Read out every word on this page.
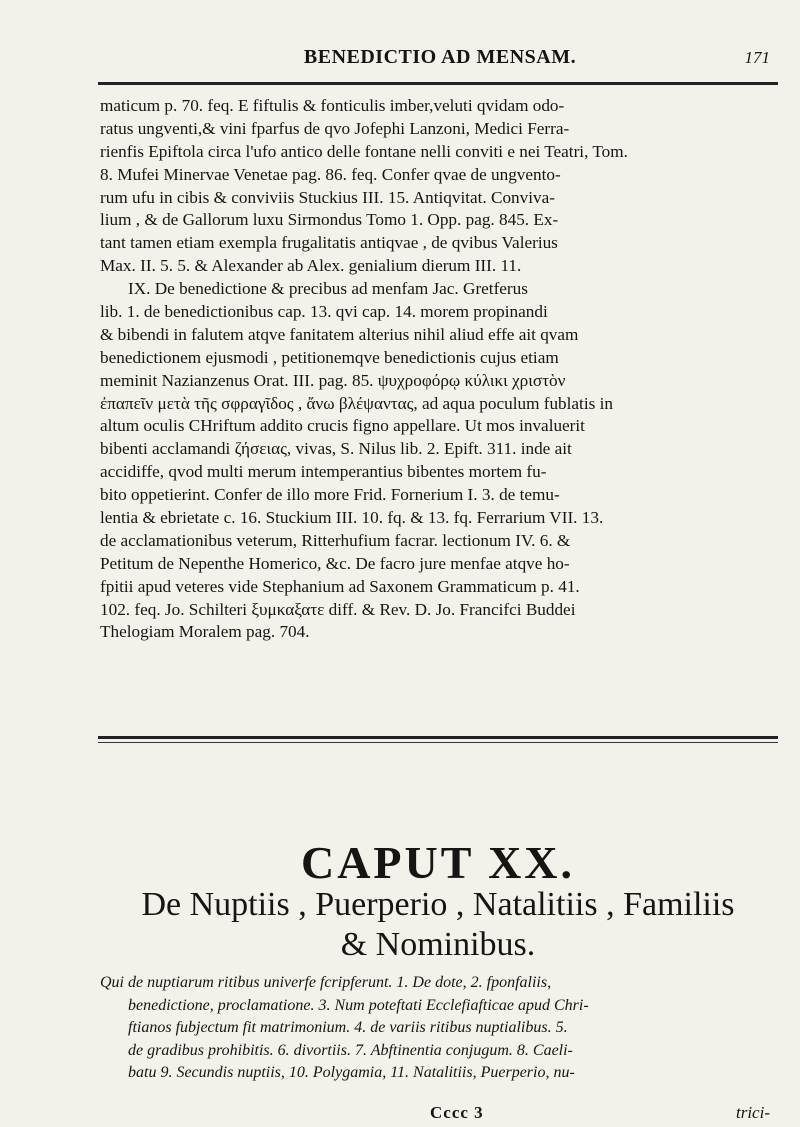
BENEDICTIO AD MENSAM.	171
maticum p. 70. feq. E fiftulis & fonticulis imber,veluti qvidam odo-
ratus ungventi,& vini fparfus de qvo Jofephi Lanzoni, Medici Ferra-
rienfis Epiftola circa l'ufo antico delle fontane nelli conviti e nei Teatri, Tom.
8. Mufei Minervae Venetae pag. 86. feq. Confer qvae de ungvento-
rum ufu in cibis & conviviis Stuckius III. 15. Antiqvitat. Conviva-
lium , & de Gallorum luxu Sirmondus Tomo 1. Opp. pag. 845. Ex-
tant tamen etiam exempla frugalitatis antiqvae , de qvibus Valerius
Max. II. 5. 5. & Alexander ab Alex. genialium dierum III. 11.
IX. De benedictione & precibus ad menfam Jac. Gretferus
lib. 1. de benedictionibus cap. 13. qvi cap. 14. morem propinandi
& bibendi in falutem atqve fanitatem alterius nihil aliud effe ait qvam
benedictionem ejusmodi , petitionemqve benedictionis cujus etiam
meminit Nazianzenus Orat. III. pag. 85. ψυχροφόρῳ κύλικι χριστὸν
ἐπαπεῖν μετὰ τῆς σφραγῖδος , ἄνω βλέψαντας, ad aqua poculum fublatis in
altum oculis CHriftum addito crucis figno appellare. Ut mos invaluerit
bibenti acclamandi ζήσειας, vivas, S. Nilus lib. 2. Epift. 311. inde ait
accidiffe, qvod multi merum intemperantius bibentes mortem fu-
bito oppetierint. Confer de illo more Frid. Fornerium I. 3. de temu-
lentia & ebrietate c. 16. Stuckium III. 10. fq. & 13. fq. Ferrarium VII. 13.
de acclamationibus veterum, Ritterhufium facrar. lectionum IV. 6. &
Petitum de Nepenthe Homerico, &c. De facro jure menfae atqve ho-
fpitii apud veteres vide Stephanium ad Saxonem Grammaticum p. 41.
102. feq. Jo. Schilteri ξυμκαξατε diff. & Rev. D. Jo. Francifci Buddei
Thelogiam Moralem pag. 704.
CAPUT XX.
De Nuptiis , Puerperio , Natalitiis , Familiis
& Nominibus.
Qui de nuptiarum ritibus univerfe fcripferunt. 1. De dote, 2. fponfaliis,
benedictione, proclamatione. 3. Num poteftati Ecclefiafticae apud Chri-
ftianos fubjectum fit matrimonium. 4. de variis ritibus nuptialibus. 5.
de gradibus prohibitis. 6. divortiis. 7. Abftinentia conjugum. 8. Caeli-
batu 9. Secundis nuptiis, 10. Polygamia, 11. Natalitiis, Puerperio, nu-
Cccc 3	trici-
